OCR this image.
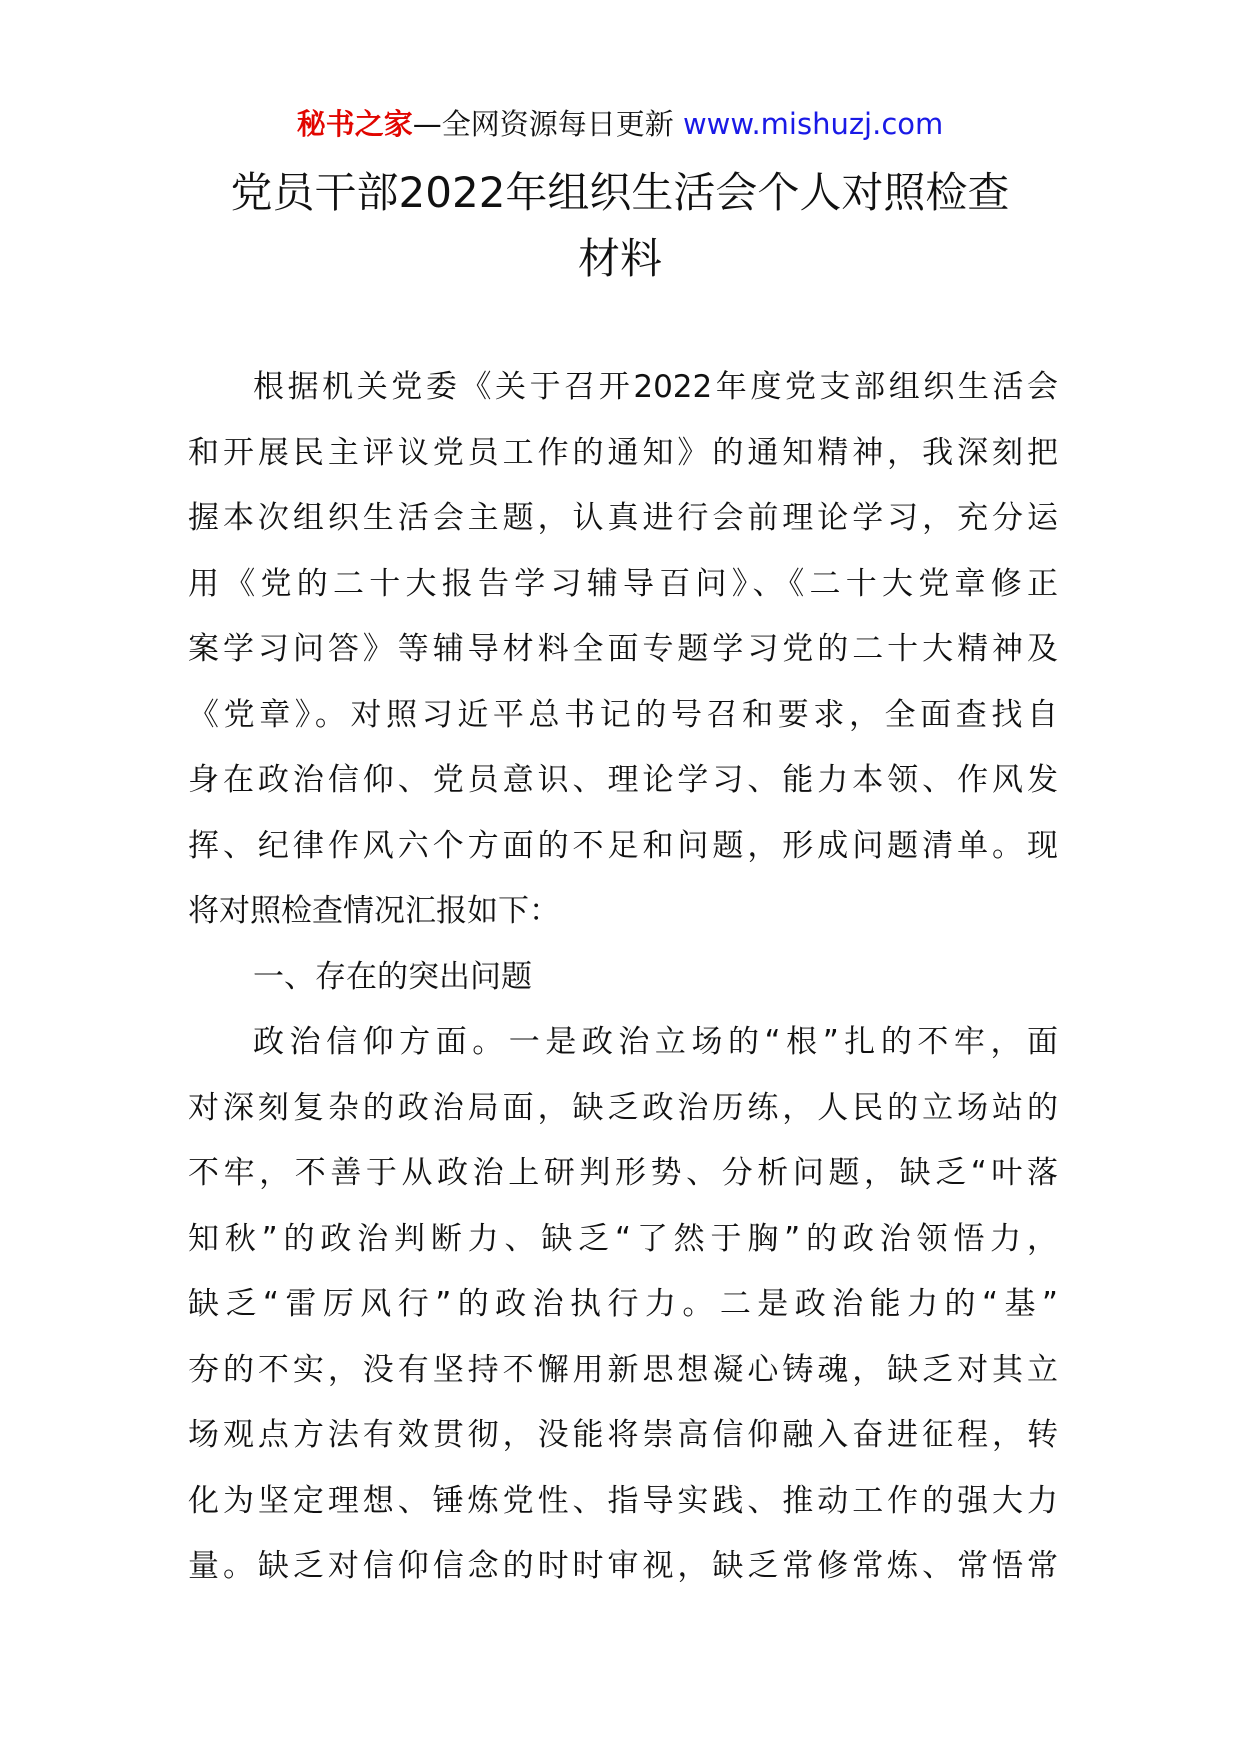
秘书之家—全网资源每日更新 www.mishuzj.com
党员干部2022年组织生活会个人对照检查
材料
根据机关党委《关于召开2022年度党支部组织生活会
和开展民主评议党员工作的通知》的通知精神，我深刻把
握本次组织生活会主题，认真进行会前理论学习，充分运
用《党的二十大报告学习辅导百问》、《二十大党章修正
案学习问答》等辅导材料全面专题学习党的二十大精神及
《党章》。对照习近平总书记的号召和要求，全面查找自
身在政治信仰、党员意识、理论学习、能力本领、作风发
挥、纪律作风六个方面的不足和问题，形成问题清单。现
将对照检查情况汇报如下：
一、存在的突出问题
政治信仰方面。一是政治立场的“根”扎的不牢，面
对深刻复杂的政治局面，缺乏政治历练，人民的立场站的
不牢，不善于从政治上研判形势、分析问题，缺乏“叶落
知秋”的政治判断力、缺乏“了然于胸”的政治领悟力，
缺乏“雷厉风行”的政治执行力。二是政治能力的“基”
夯的不实，没有坚持不懈用新思想凝心铸魂，缺乏对其立
场观点方法有效贯彻，没能将崇高信仰融入奋进征程，转
化为坚定理想、锤炼党性、指导实践、推动工作的强大力
量。缺乏对信仰信念的时时审视，缺乏常修常炼、常悟常
